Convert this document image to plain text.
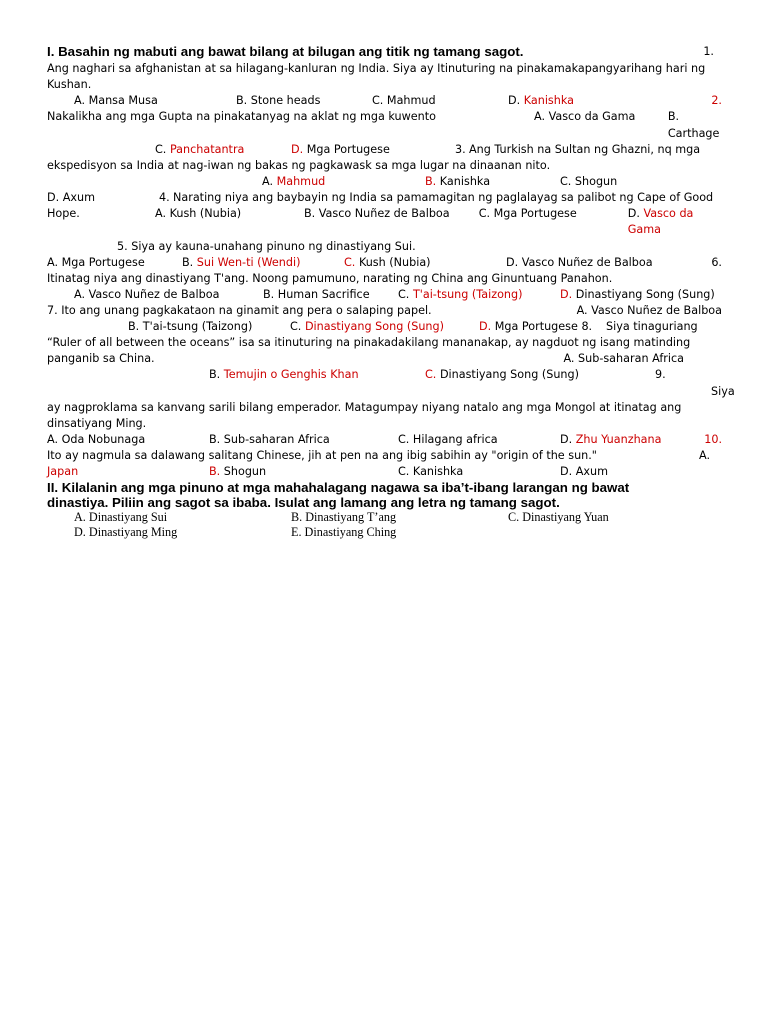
I. Basahin ng mabuti ang bawat bilang at bilugan ang titik ng tamang sagot.	1.
Ang naghari sa afghanistan at sa hilagang-kanluran ng India. Siya ay Itinuturing na pinakamakapangyarihang hari ng Kushan.
A. Mansa Musa	B. Stone heads	C. Mahmud	D. Kanishka	2.
Nakalikha ang mga Gupta na pinakatanyag na aklat ng mga kuwento	A. Vasco da Gama	B. Carthage
C. Panchatantra	D. Mga Portugese	3. Ang Turkish na Sultan ng Ghazni, nq mga ekspedisyon sa India at nag-iwan ng bakas ng pagkawask sa mga lugar na dinaanan nito.
A. Mahmud	B. Kanishka	C. Shogun
D. Axum	4. Narating niya ang baybayin ng India sa pamamagitan ng paglalayag sa palibot ng Cape of Good Hope.	A. Kush (Nubia)	B. Vasco Nuñez de Balboa	C. Mga Portugese	D. Vasco da Gama
5. Siya ay kauna-unahang pinuno ng dinastiyang Sui.
A. Mga Portugese	B. Sui Wen-ti (Wendi)	C. Kush (Nubia)	D. Vasco Nuñez de Balboa	6.
Itinatag niya ang dinastiyang T'ang. Noong pamumuno, narating ng China ang Ginuntuang Panahon.
A. Vasco Nuñez de Balboa	B. Human Sacrifice	C. T'ai-tsung (Taizong)	D. Dinastiyang Song (Sung)
7. Ito ang unang pagkakataon na ginamit ang pera o salaping papel.	A. Vasco Nuñez de Balboa
B. T'ai-tsung (Taizong)	C. Dinastiyang Song (Sung)	D. Mga Portugese 8.	Siya tinaguriang “Ruler of all between the oceans” isa sa itinuturing na pinakadakilang mananakap, ay nagduot ng isang matinding panganib sa China.
B. Temujin o Genghis Khan	C. Dinastiyang Song (Sung)	9.
A. Sub-saharan Africa
Siya ay nagproklama sa kanvang sarili bilang emperador. Matagumpay niyang natalo ang mga Mongol at itinatag ang dinsatiyang Ming.
A. Oda Nobunaga	B. Sub-saharan Africa	C. Hilagang africa	D. Zhu Yuanzhana	10.
Ito ay nagmula sa dalawang salitang Chinese, jih at pen na ang ibig sabihin ay "origin of the sun."
Japan	B. Shogun	C. Kanishka	D. Axum
A.
II. Kilalanin ang mga pinuno at mga mahahalagang nagawa sa iba’t-ibang larangan ng bawat
dinastiya. Piliin ang sagot sa ibaba. Isulat ang lamang ang letra ng tamang sagot.
A. Dinastiyang Sui	B. Dinastiyang T’ang	C. Dinastiyang Yuan
D. Dinastiyang Ming	E. Dinastiyang Ching
